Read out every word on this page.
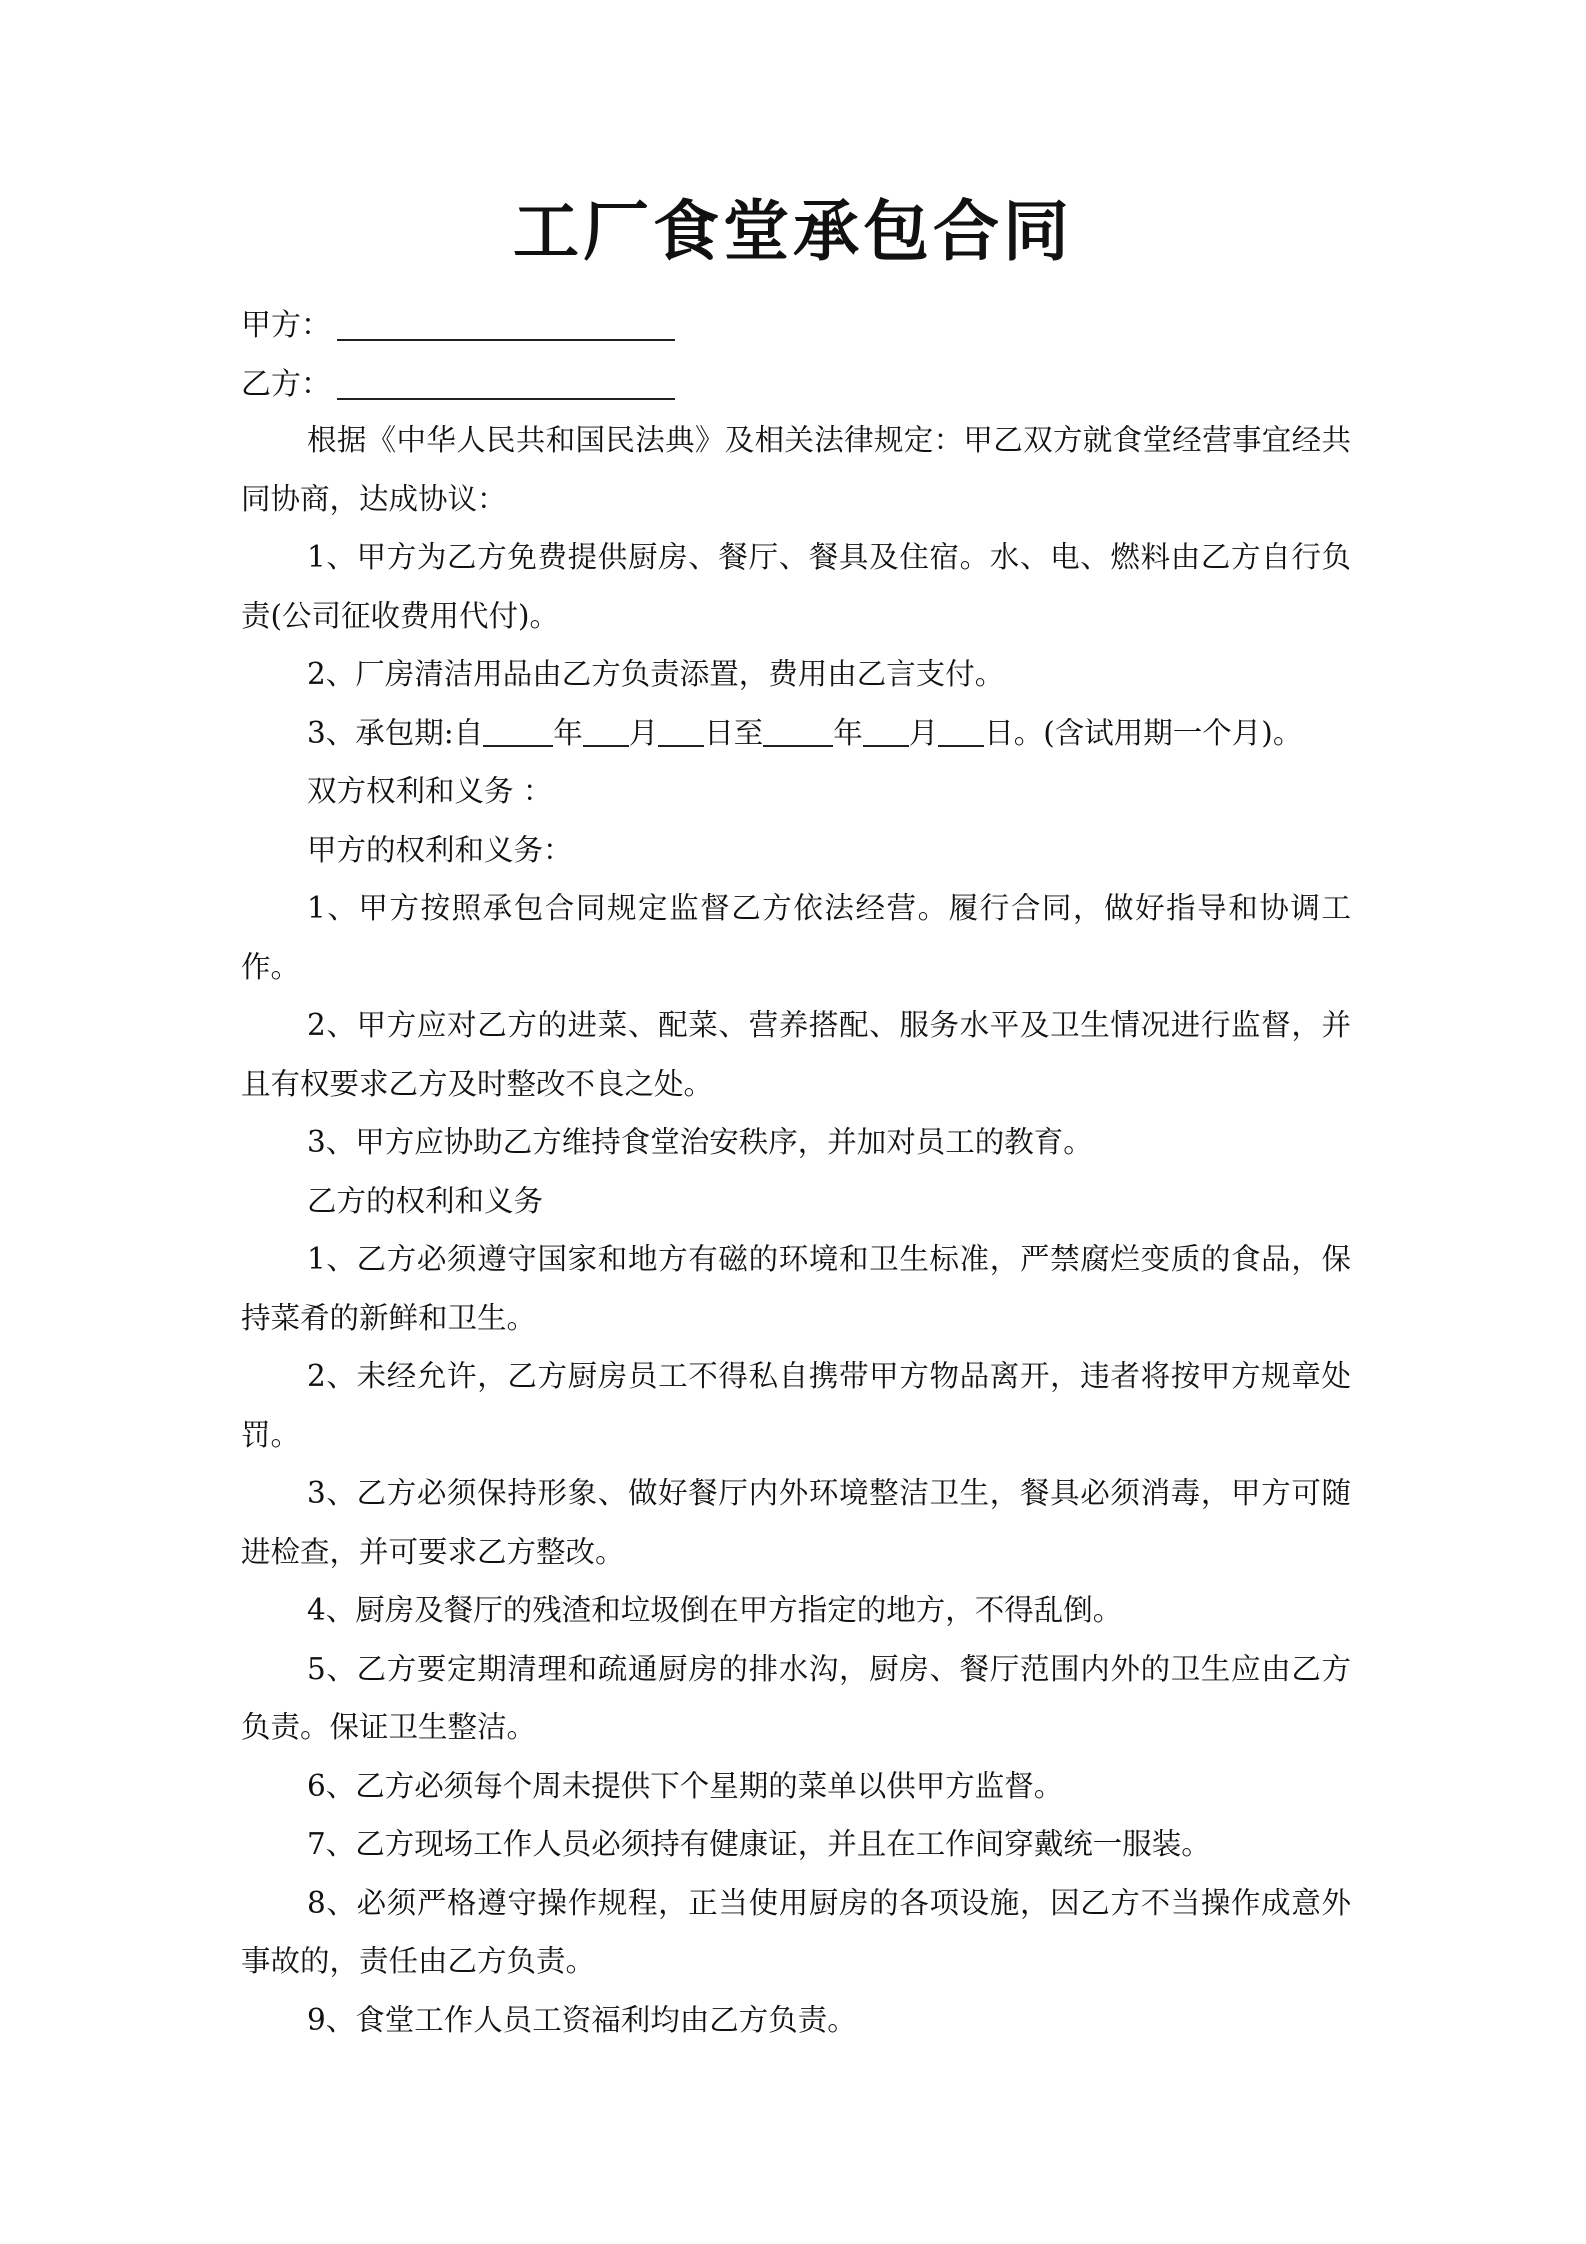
工厂食堂承包合同
甲方：
乙方：

根据《中华人民共和国民法典》及相关法律规定：甲乙双方就食堂经营事宜经共同协商，达成协议：

1、甲方为乙方免费提供厨房、餐厅、餐具及住宿。水、电、燃料由乙方自行负责(公司征收费用代付)。

2、厂房清洁用品由乙方负责添置，费用由乙言支付。

3、承包期:自 年 月 日至 年 月 日。(含试用期一个月)。

双方权利和义务 ：

甲方的权利和义务：

1、甲方按照承包合同规定监督乙方依法经营。履行合同，做好指导和协调工作。

2、甲方应对乙方的进菜、配菜、营养搭配、服务水平及卫生情况进行监督，并且有权要求乙方及时整改不良之处。

3、甲方应协助乙方维持食堂治安秩序，并加对员工的教育。

乙方的权利和义务

1、乙方必须遵守国家和地方有磁的环境和卫生标准，严禁腐烂变质的食品，保持菜肴的新鲜和卫生。

2、未经允许，乙方厨房员工不得私自携带甲方物品离开，违者将按甲方规章处罚。

3、乙方必须保持形象、做好餐厅内外环境整洁卫生，餐具必须消毒，甲方可随进检查，并可要求乙方整改。

4、厨房及餐厅的残渣和垃圾倒在甲方指定的地方，不得乱倒。

5、乙方要定期清理和疏通厨房的排水沟，厨房、餐厅范围内外的卫生应由乙方负责。保证卫生整洁。

6、乙方必须每个周未提供下个星期的菜单以供甲方监督。

7、乙方现场工作人员必须持有健康证，并且在工作间穿戴统一服装。

8、必须严格遵守操作规程，正当使用厨房的各项设施，因乙方不当操作成意外事故的，责任由乙方负责。

9、食堂工作人员工资福利均由乙方负责。
